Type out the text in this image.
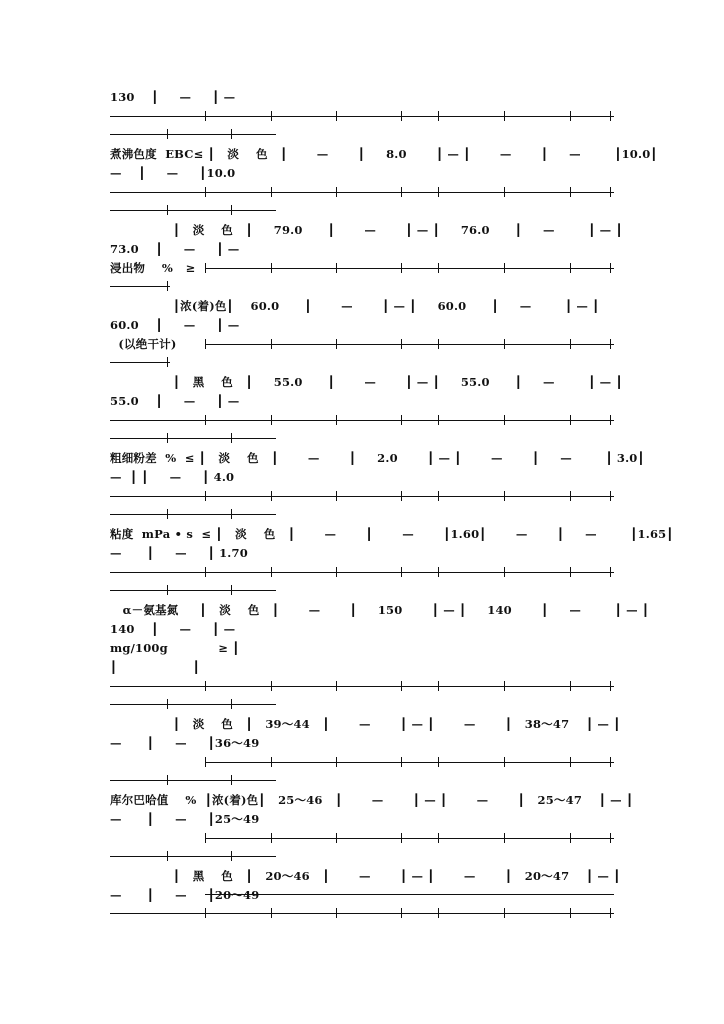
130    ┃     —     ┃ —
煮沸色度  EBC≤ ┃   淡    色   ┃       —       ┃     8.0       ┃ — ┃       —       ┃     —        ┃10.0┃
—    ┃     —     ┃10.0
┃   淡    色   ┃     79.0      ┃       —       ┃ — ┃     76.0      ┃     —        ┃ — ┃
73.0    ┃     —     ┃ —
浸出物    %   ≥
┃浓(着)色┃    60.0      ┃       —       ┃ — ┃     60.0      ┃     —        ┃ — ┃
60.0    ┃     —     ┃ —
(以绝干计)
┃   黑    色   ┃     55.0      ┃       —       ┃ — ┃     55.0      ┃     —        ┃ — ┃
55.0    ┃     —     ┃ —
粗细粉差  %  ≤ ┃   淡    色   ┃       —       ┃     2.0       ┃ — ┃       —       ┃     —        ┃ 3.0┃
—  ┃ ┃     —     ┃ 4.0
粘度  mPa • s  ≤ ┃   淡    色   ┃       —       ┃       —       ┃1.60┃       —       ┃     —        ┃1.65┃
—      ┃     —     ┃ 1.70
α－氨基氮     ┃   淡    色   ┃       —       ┃     150       ┃ — ┃     140       ┃     —        ┃ — ┃
140    ┃     —     ┃ —
mg/100g            ≥ ┃
┃                  ┃
┃   淡    色   ┃   39～44   ┃       —       ┃ — ┃       —       ┃   38～47    ┃ — ┃
—      ┃     —     ┃36～49
库尔巴哈值    %  ┃浓(着)色┃   25～46   ┃       —       ┃ — ┃       —       ┃   25～47    ┃ — ┃
—      ┃     —     ┃25～49
┃   黑    色   ┃   20～46   ┃       —       ┃ — ┃       —       ┃   20～47    ┃ — ┃
—      ┃     —     ┃20～49
